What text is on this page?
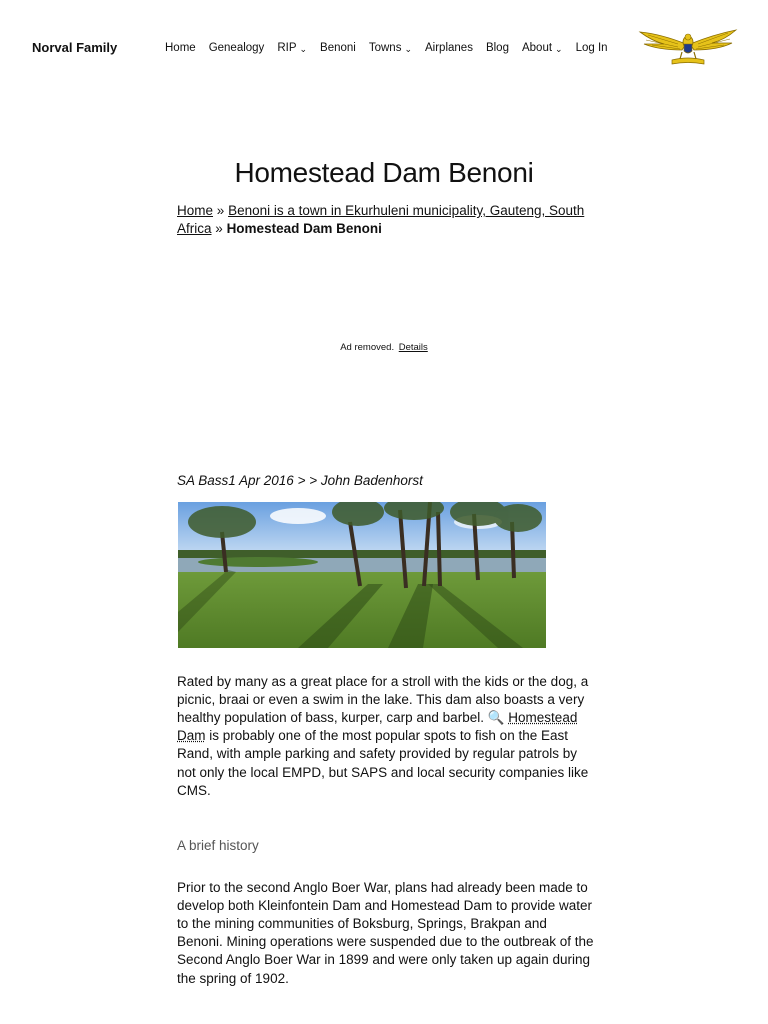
Norval Family	Home Genealogy RIP ⌄ Benoni Towns ⌄ Airplanes Blog About ⌄ Log In
Homestead Dam Benoni
Home » Benoni is a town in Ekurhuleni municipality, Gauteng, South Africa » Homestead Dam Benoni
Ad removed. Details
SA Bass1 Apr 2016 > > John Badenhorst

Rated by many as a great place for a stroll with the kids or the dog, a picnic, braai or even a swim in the lake. This dam also boasts a very healthy population of bass, kurper, carp and barbel. 🔍 Homestead Dam is probably one of the most popular spots to fish on the East Rand, with ample parking and safety provided by regular patrols by not only the local EMPD, but SAPS and local security companies like CMS.

A brief history

Prior to the second Anglo Boer War, plans had already been made to develop both Kleinfontein Dam and Homestead Dam to provide water to the mining communities of Boksburg, Springs, Brakpan and Benoni. Mining operations were suspended due to the outbreak of the Second Anglo Boer War in 1899 and were only taken up again during the spring of 1902.
